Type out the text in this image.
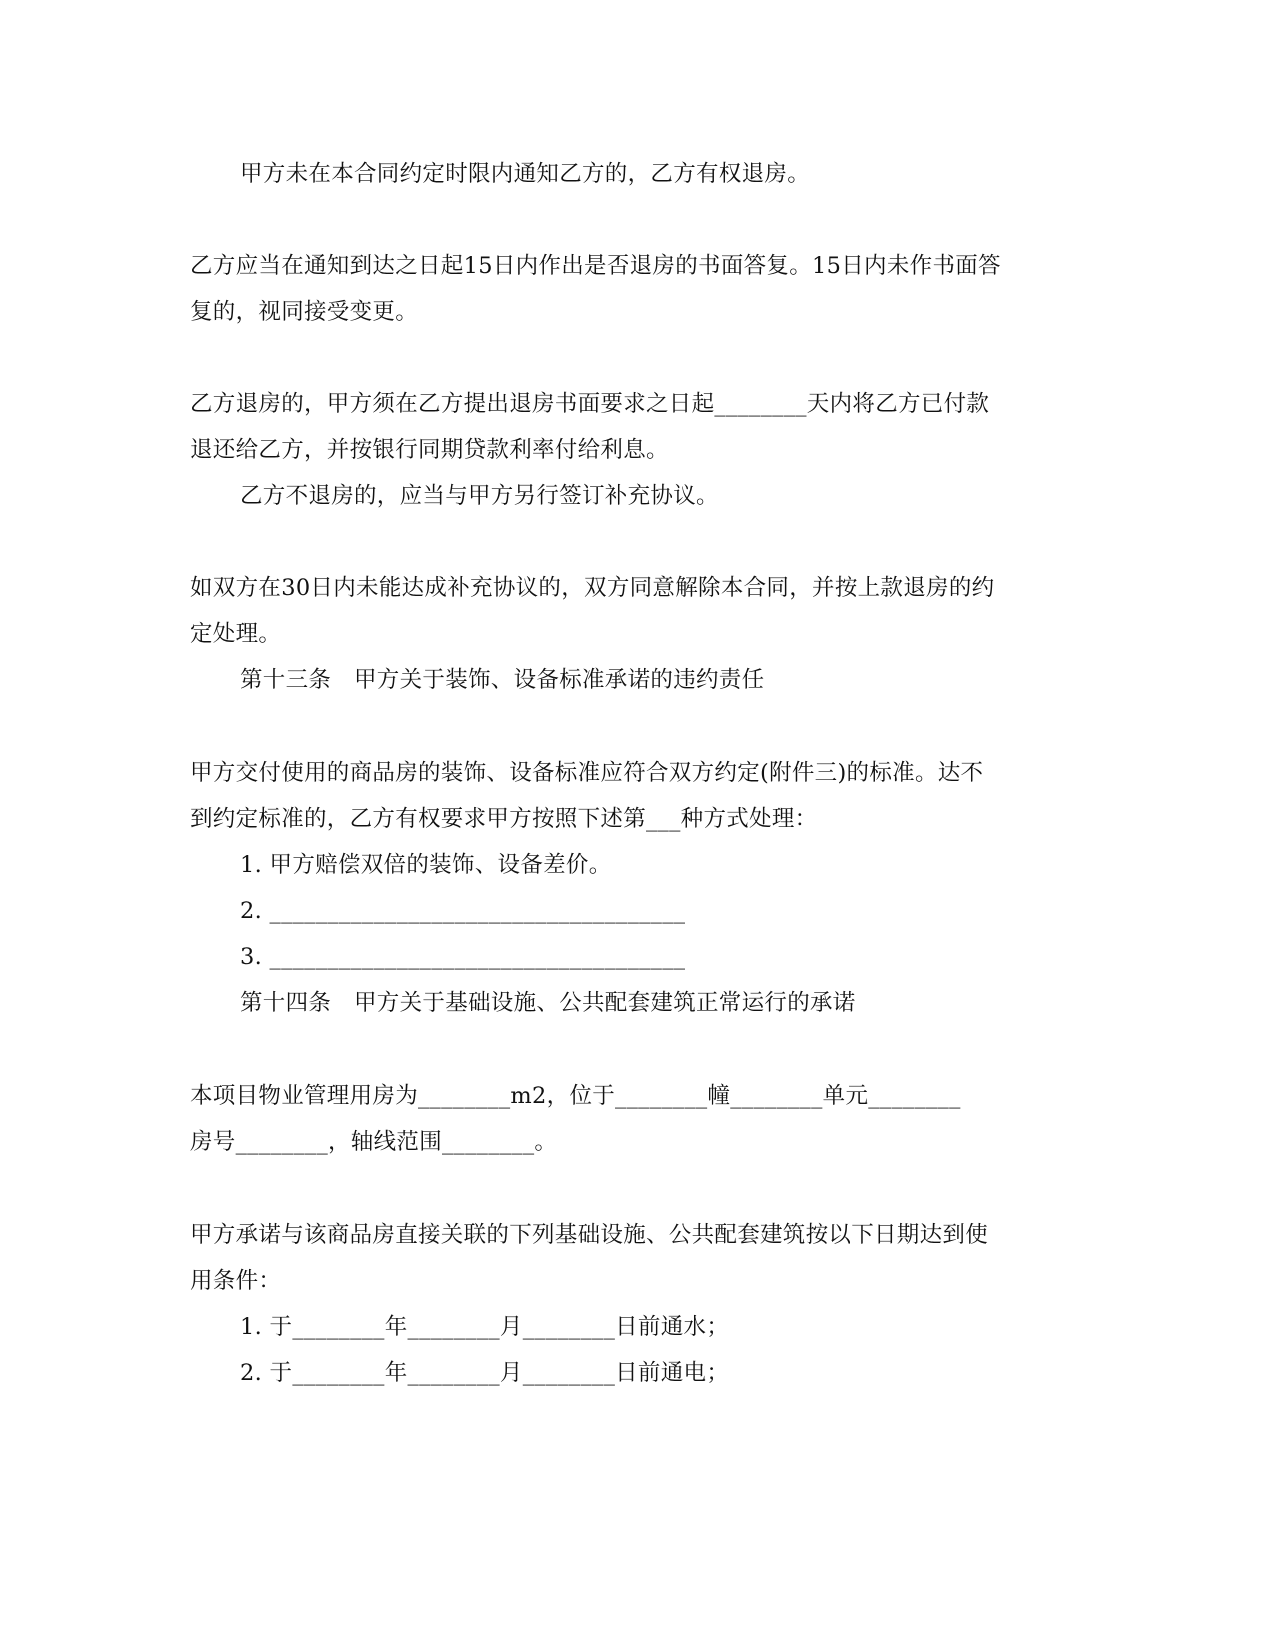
甲方未在本合同约定时限内通知乙方的，乙方有权退房。
乙方应当在通知到达之日起15日内作出是否退房的书面答复。15日内未作书面答
复的，视同接受变更。
乙方退房的，甲方须在乙方提出退房书面要求之日起________天内将乙方已付款
退还给乙方，并按银行同期贷款利率付给利息。
乙方不退房的，应当与甲方另行签订补充协议。
如双方在30日内未能达成补充协议的，双方同意解除本合同，并按上款退房的约
定处理。
第十三条　甲方关于装饰、设备标准承诺的违约责任
甲方交付使用的商品房的装饰、设备标准应符合双方约定(附件三)的标准。达不
到约定标准的，乙方有权要求甲方按照下述第___种方式处理：
1. 甲方赔偿双倍的装饰、设备差价。
2. ____________________________________
3. ____________________________________
第十四条　甲方关于基础设施、公共配套建筑正常运行的承诺
本项目物业管理用房为________m2，位于________幢________单元________
房号________，轴线范围________。
甲方承诺与该商品房直接关联的下列基础设施、公共配套建筑按以下日期达到使
用条件：
1. 于________年________月________日前通水；
2. 于________年________月________日前通电；
